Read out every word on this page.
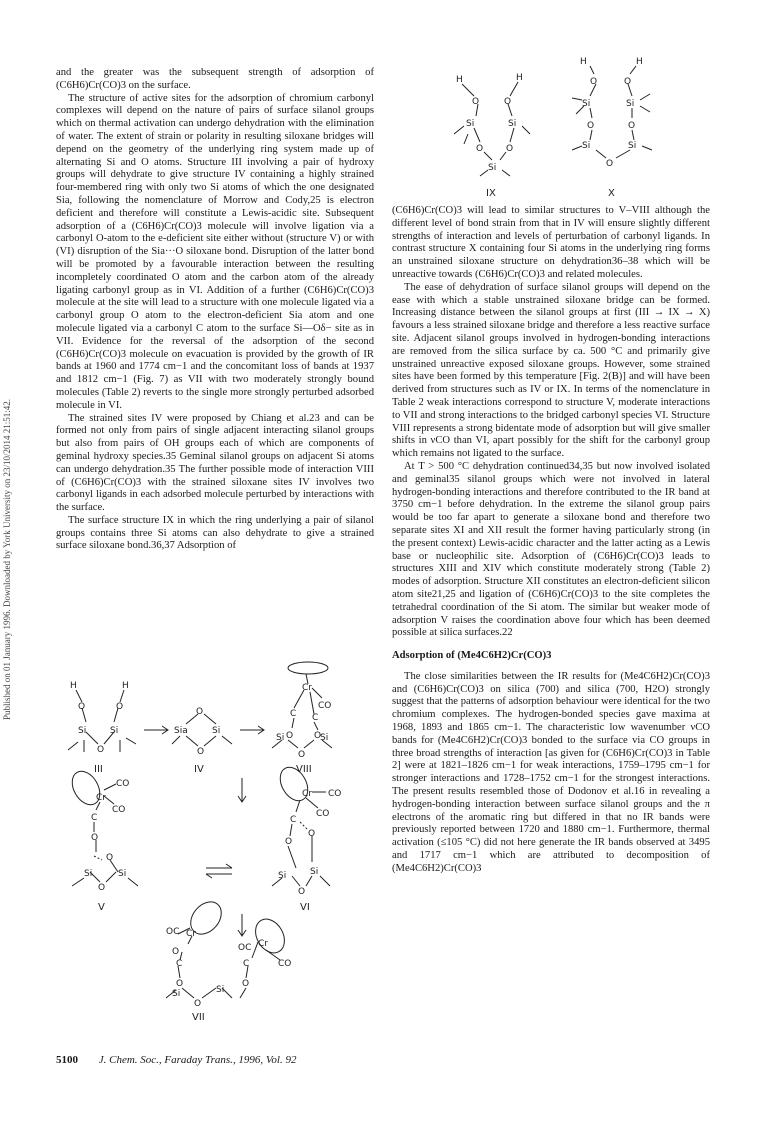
Published on 01 January 1996. Downloaded by York University on 23/10/2014 21:51:42.

and the greater was the subsequent strength of adsorption of (C6H6)Cr(CO)3 on the surface.

The structure of active sites for the adsorption of chromium carbonyl complexes will depend on the nature of pairs of surface silanol groups which on thermal activation can undergo dehydration with the elimination of water. The extent of strain or polarity in resulting siloxane bridges will depend on the geometry of the underlying ring system made up of alternating Si and O atoms. Structure III involving a pair of hydroxy groups will dehydrate to give structure IV containing a highly strained four-membered ring with only two Si atoms of which the one designated Sia, following the nomenclature of Morrow and Cody,25 is electron deficient and therefore will constitute a Lewis-acidic site. Subsequent adsorption of a (C6H6)Cr(CO)3 molecule will involve ligation via a carbonyl O-atom to the e-deficient site either without (structure V) or with (VI) disruption of the Sia···O siloxane bond. Disruption of the latter bond will be promoted by a favourable interaction between the resulting incompletely coordinated O atom and the carbon atom of the already ligating carbonyl group as in VI. Addition of a further (C6H6)Cr(CO)3 molecule at the site will lead to a structure with one molecule ligated via a carbonyl group O atom to the electron-deficient Sia atom and one molecule ligated via a carbonyl C atom to the surface Si—Oδ− site as in VII. Evidence for the reversal of the adsorption of the second (C6H6)Cr(CO)3 molecule on evacuation is provided by the growth of IR bands at 1960 and 1774 cm−1 and the concomitant loss of bands at 1937 and 1812 cm−1 (Fig. 7) as VII with two moderately strongly bound molecules (Table 2) reverts to the single more strongly perturbed adsorbed molecule in VI.

The strained sites IV were proposed by Chiang et al.23 and can be formed not only from pairs of single adjacent interacting silanol groups but also from pairs of OH groups each of which are components of geminal hydroxy species.35 Geminal silanol groups on adjacent Si atoms can undergo dehydration.35 The further possible mode of interaction VIII of (C6H6)Cr(CO)3 with the strained siloxane sites IV involves two carbonyl ligands in each adsorbed molecule perturbed by interactions with the surface.

The surface structure IX in which the ring underlying a pair of silanol groups contains three Si atoms can also dehydrate to give a strained surface siloxane bond.36,37 Adsorption of

H	H
O	O
Si	Si
O
O
Sia	Si
O
Cr
CO
C C
O O
Si	Si
O
Cr
CO
CO
C
O
O
Si	Si
O
Cr CO
CO
C
O
O
Si	Si
O
OC Cr
O	OC Cr
CO
C	C
O	O
Si	Si
O
III	IV	VIII
V	VI
VII
H	H
O	O
Si	Si
O	O
Si
H	H
O	O
Si	Si
O	O
Si	Si
O
IX	X

(C6H6)Cr(CO)3 will lead to similar structures to V–VIII although the different level of bond strain from that in IV will ensure slightly different strengths of interaction and levels of perturbation of carbonyl ligands. In contrast structure X containing four Si atoms in the underlying ring forms an unstrained siloxane structure on dehydration36–38 which will be unreactive towards (C6H6)Cr(CO)3 and related molecules.

The ease of dehydration of surface silanol groups will depend on the ease with which a stable unstrained siloxane bridge can be formed. Increasing distance between the silanol groups at first (III → IX → X) favours a less strained siloxane bridge and therefore a less reactive surface site. Adjacent silanol groups involved in hydrogen-bonding interactions are removed from the silica surface by ca. 500 °C and primarily give unstrained unreactive exposed siloxane groups. However, some strained sites have been formed by this temperature [Fig. 2(B)] and will have been derived from structures such as IV or IX. In terms of the nomenclature in Table 2 weak interactions correspond to structure V, moderate interactions to VII and strong interactions to the bridged carbonyl species VI. Structure VIII represents a strong bidentate mode of adsorption but will give smaller shifts in νCO than VI, apart possibly for the shift for the carbonyl group which remains not ligated to the surface.

At T > 500 °C dehydration continued34,35 but now involved isolated and geminal35 silanol groups which were not involved in lateral hydrogen-bonding interactions and therefore contributed to the IR band at 3750 cm−1 before dehydration. In the extreme the silanol group pairs would be too far apart to generate a siloxane bond and therefore two separate sites XI and XII result the former having particularly strong (in the present context) Lewis-acidic character and the latter acting as a Lewis base or nucleophilic site. Adsorption of (C6H6)Cr(CO)3 leads to structures XIII and XIV which constitute moderately strong (Table 2) modes of adsorption. Structure XII constitutes an electron-deficient silicon atom site21,25 and ligation of (C6H6)Cr(CO)3 to the site completes the tetrahedral coordination of the Si atom. The similar but weaker mode of adsorption V raises the coordination above four which has been deemed possible at silica surfaces.22

Adsorption of (Me4C6H2)Cr(CO)3

The close similarities between the IR results for (Me4C6H2)Cr(CO)3 and (C6H6)Cr(CO)3 on silica (700) and silica (700, H2O) strongly suggest that the patterns of adsorption behaviour were identical for the two chromium complexes. The hydrogen-bonded species gave maxima at 1968, 1893 and 1865 cm−1. The characteristic low wavenumber νCO bands for (Me4C6H2)Cr(CO)3 bonded to the surface via CO groups in three broad strengths of interaction [as given for (C6H6)Cr(CO)3 in Table 2] were at 1821–1826 cm−1 for weak interactions, 1759–1795 cm−1 for stronger interactions and 1728–1752 cm−1 for the strongest interactions. The present results resembled those of Dodonov et al.16 in revealing a hydrogen-bonding interaction between surface silanol groups and the π electrons of the aromatic ring but differed in that no IR bands were previously reported between 1720 and 1880 cm−1. Furthermore, thermal activation (≤105 °C) did not here generate the IR bands observed at 3495 and 1717 cm−1 which are attributed to decomposition of (Me4C6H2)Cr(CO)3

5100 J. Chem. Soc., Faraday Trans., 1996, Vol. 92
